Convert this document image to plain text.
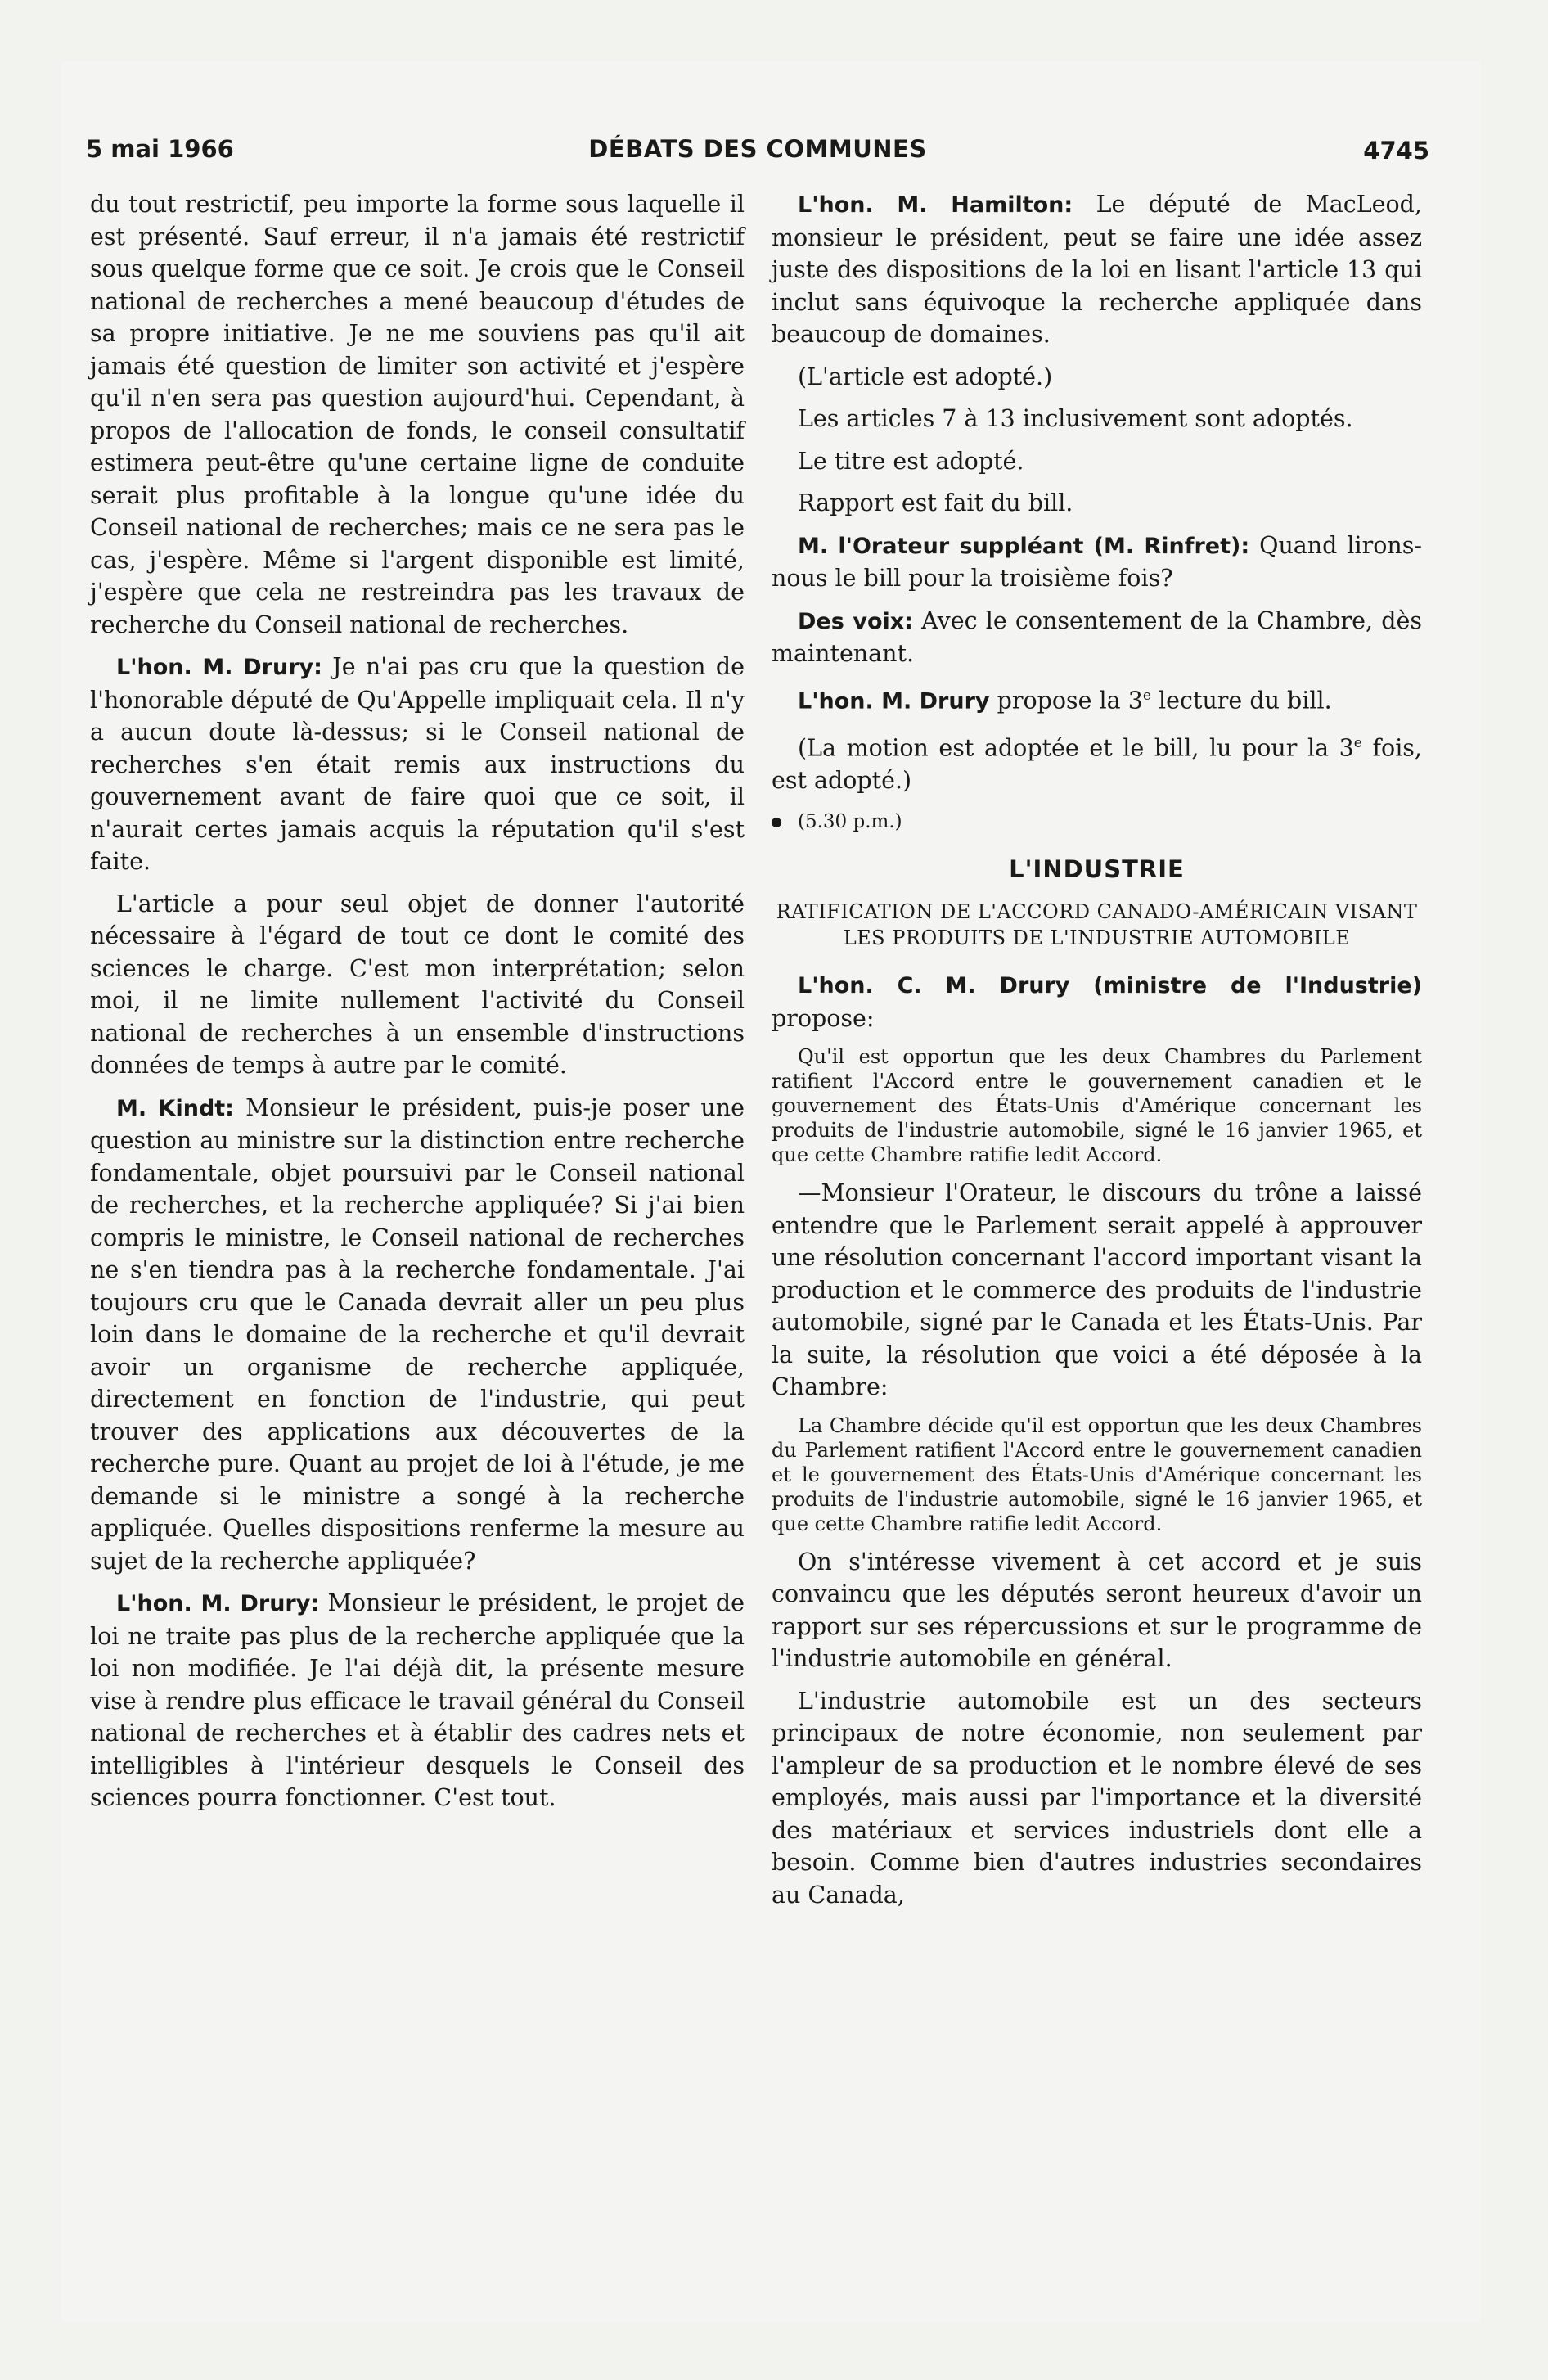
5 mai 1966	DÉBATS DES COMMUNES	4745

du tout restrictif, peu importe la forme sous laquelle il est présenté. Sauf erreur, il n'a jamais été restrictif sous quelque forme que ce soit. Je crois que le Conseil national de recherches a mené beaucoup d'études de sa propre initiative. Je ne me souviens pas qu'il ait jamais été question de limiter son activité et j'espère qu'il n'en sera pas question aujourd'hui. Cependant, à propos de l'allocation de fonds, le conseil consultatif estimera peut-être qu'une certaine ligne de conduite serait plus profitable à la longue qu'une idée du Conseil national de recherches; mais ce ne sera pas le cas, j'espère. Même si l'argent disponible est limité, j'espère que cela ne restreindra pas les travaux de recherche du Conseil national de recherches.

L'hon. M. Drury: Je n'ai pas cru que la question de l'honorable député de Qu'Appelle impliquait cela. Il n'y a aucun doute là-dessus; si le Conseil national de recherches s'en était remis aux instructions du gouvernement avant de faire quoi que ce soit, il n'aurait certes jamais acquis la réputation qu'il s'est faite.

L'article a pour seul objet de donner l'autorité nécessaire à l'égard de tout ce dont le comité des sciences le charge. C'est mon interprétation; selon moi, il ne limite nullement l'activité du Conseil national de recherches à un ensemble d'instructions données de temps à autre par le comité.

M. Kindt: Monsieur le président, puis-je poser une question au ministre sur la distinction entre recherche fondamentale, objet poursuivi par le Conseil national de recherches, et la recherche appliquée? Si j'ai bien compris le ministre, le Conseil national de recherches ne s'en tiendra pas à la recherche fondamentale. J'ai toujours cru que le Canada devrait aller un peu plus loin dans le domaine de la recherche et qu'il devrait avoir un organisme de recherche appliquée, directement en fonction de l'industrie, qui peut trouver des applications aux découvertes de la recherche pure. Quant au projet de loi à l'étude, je me demande si le ministre a songé à la recherche appliquée. Quelles dispositions renferme la mesure au sujet de la recherche appliquée?

L'hon. M. Drury: Monsieur le président, le projet de loi ne traite pas plus de la recherche appliquée que la loi non modifiée. Je l'ai déjà dit, la présente mesure vise à rendre plus efficace le travail général du Conseil national de recherches et à établir des cadres nets et intelligibles à l'intérieur desquels le Conseil des sciences pourra fonctionner. C'est tout.

L'hon. M. Hamilton: Le député de MacLeod, monsieur le président, peut se faire une idée assez juste des dispositions de la loi en lisant l'article 13 qui inclut sans équivoque la recherche appliquée dans beaucoup de domaines.

(L'article est adopté.)

Les articles 7 à 13 inclusivement sont adoptés.

Le titre est adopté.

Rapport est fait du bill.

M. l'Orateur suppléant (M. Rinfret): Quand lirons-nous le bill pour la troisième fois?

Des voix: Avec le consentement de la Chambre, dès maintenant.

L'hon. M. Drury propose la 3e lecture du bill.

(La motion est adoptée et le bill, lu pour la 3e fois, est adopté.)

(5.30 p.m.)

L'INDUSTRIE
RATIFICATION DE L'ACCORD CANADO-AMÉRICAIN VISANT LES PRODUITS DE L'INDUSTRIE AUTOMOBILE

L'hon. C. M. Drury (ministre de l'Industrie) propose:

Qu'il est opportun que les deux Chambres du Parlement ratifient l'Accord entre le gouvernement canadien et le gouvernement des États-Unis d'Amérique concernant les produits de l'industrie automobile, signé le 16 janvier 1965, et que cette Chambre ratifie ledit Accord.

—Monsieur l'Orateur, le discours du trône a laissé entendre que le Parlement serait appelé à approuver une résolution concernant l'accord important visant la production et le commerce des produits de l'industrie automobile, signé par le Canada et les États-Unis. Par la suite, la résolution que voici a été déposée à la Chambre:

La Chambre décide qu'il est opportun que les deux Chambres du Parlement ratifient l'Accord entre le gouvernement canadien et le gouvernement des États-Unis d'Amérique concernant les produits de l'industrie automobile, signé le 16 janvier 1965, et que cette Chambre ratifie ledit Accord.

On s'intéresse vivement à cet accord et je suis convaincu que les députés seront heureux d'avoir un rapport sur ses répercussions et sur le programme de l'industrie automobile en général.

L'industrie automobile est un des secteurs principaux de notre économie, non seulement par l'ampleur de sa production et le nombre élevé de ses employés, mais aussi par l'importance et la diversité des matériaux et services industriels dont elle a besoin. Comme bien d'autres industries secondaires au Canada,
